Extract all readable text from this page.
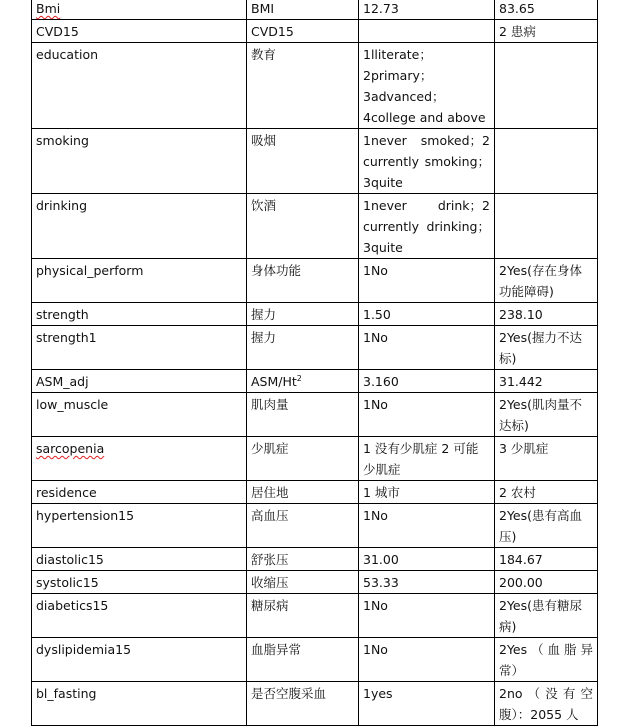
Bmi	BMI	12.73	83.65
CVD15	CVD15		2 患病
education	教育	1lliterate；2primary；3advanced；4college and above	
smoking	吸烟	1never smoked；2 currently smoking；3quite	
drinking	饮酒	1never drink；2 currently drinking；3quite	
physical_perform	身体功能	1No	2Yes(存在身体功能障碍)
strength	握力	1.50	238.10
strength1	握力	1No	2Yes(握力不达标)
ASM_adj	ASM/Ht$^2$	3.160	31.442
low_muscle	肌肉量	1No	2Yes(肌肉量不达标)
sarcopenia	少肌症	1 没有少肌症 2 可能少肌症	3 少肌症
residence	居住地	1 城市	2 农村
hypertension15	高血压	1No	2Yes(患有高血压)
diastolic15	舒张压	31.00	184.67
systolic15	收缩压	53.33	200.00
diabetics15	糖尿病	1No	2Yes(患有糖尿病)
dyslipidemia15	血脂异常	1No	2Yes（血脂异常）
bl_fasting	是否空腹采血	1yes	2no（没有空腹）：2055 人
